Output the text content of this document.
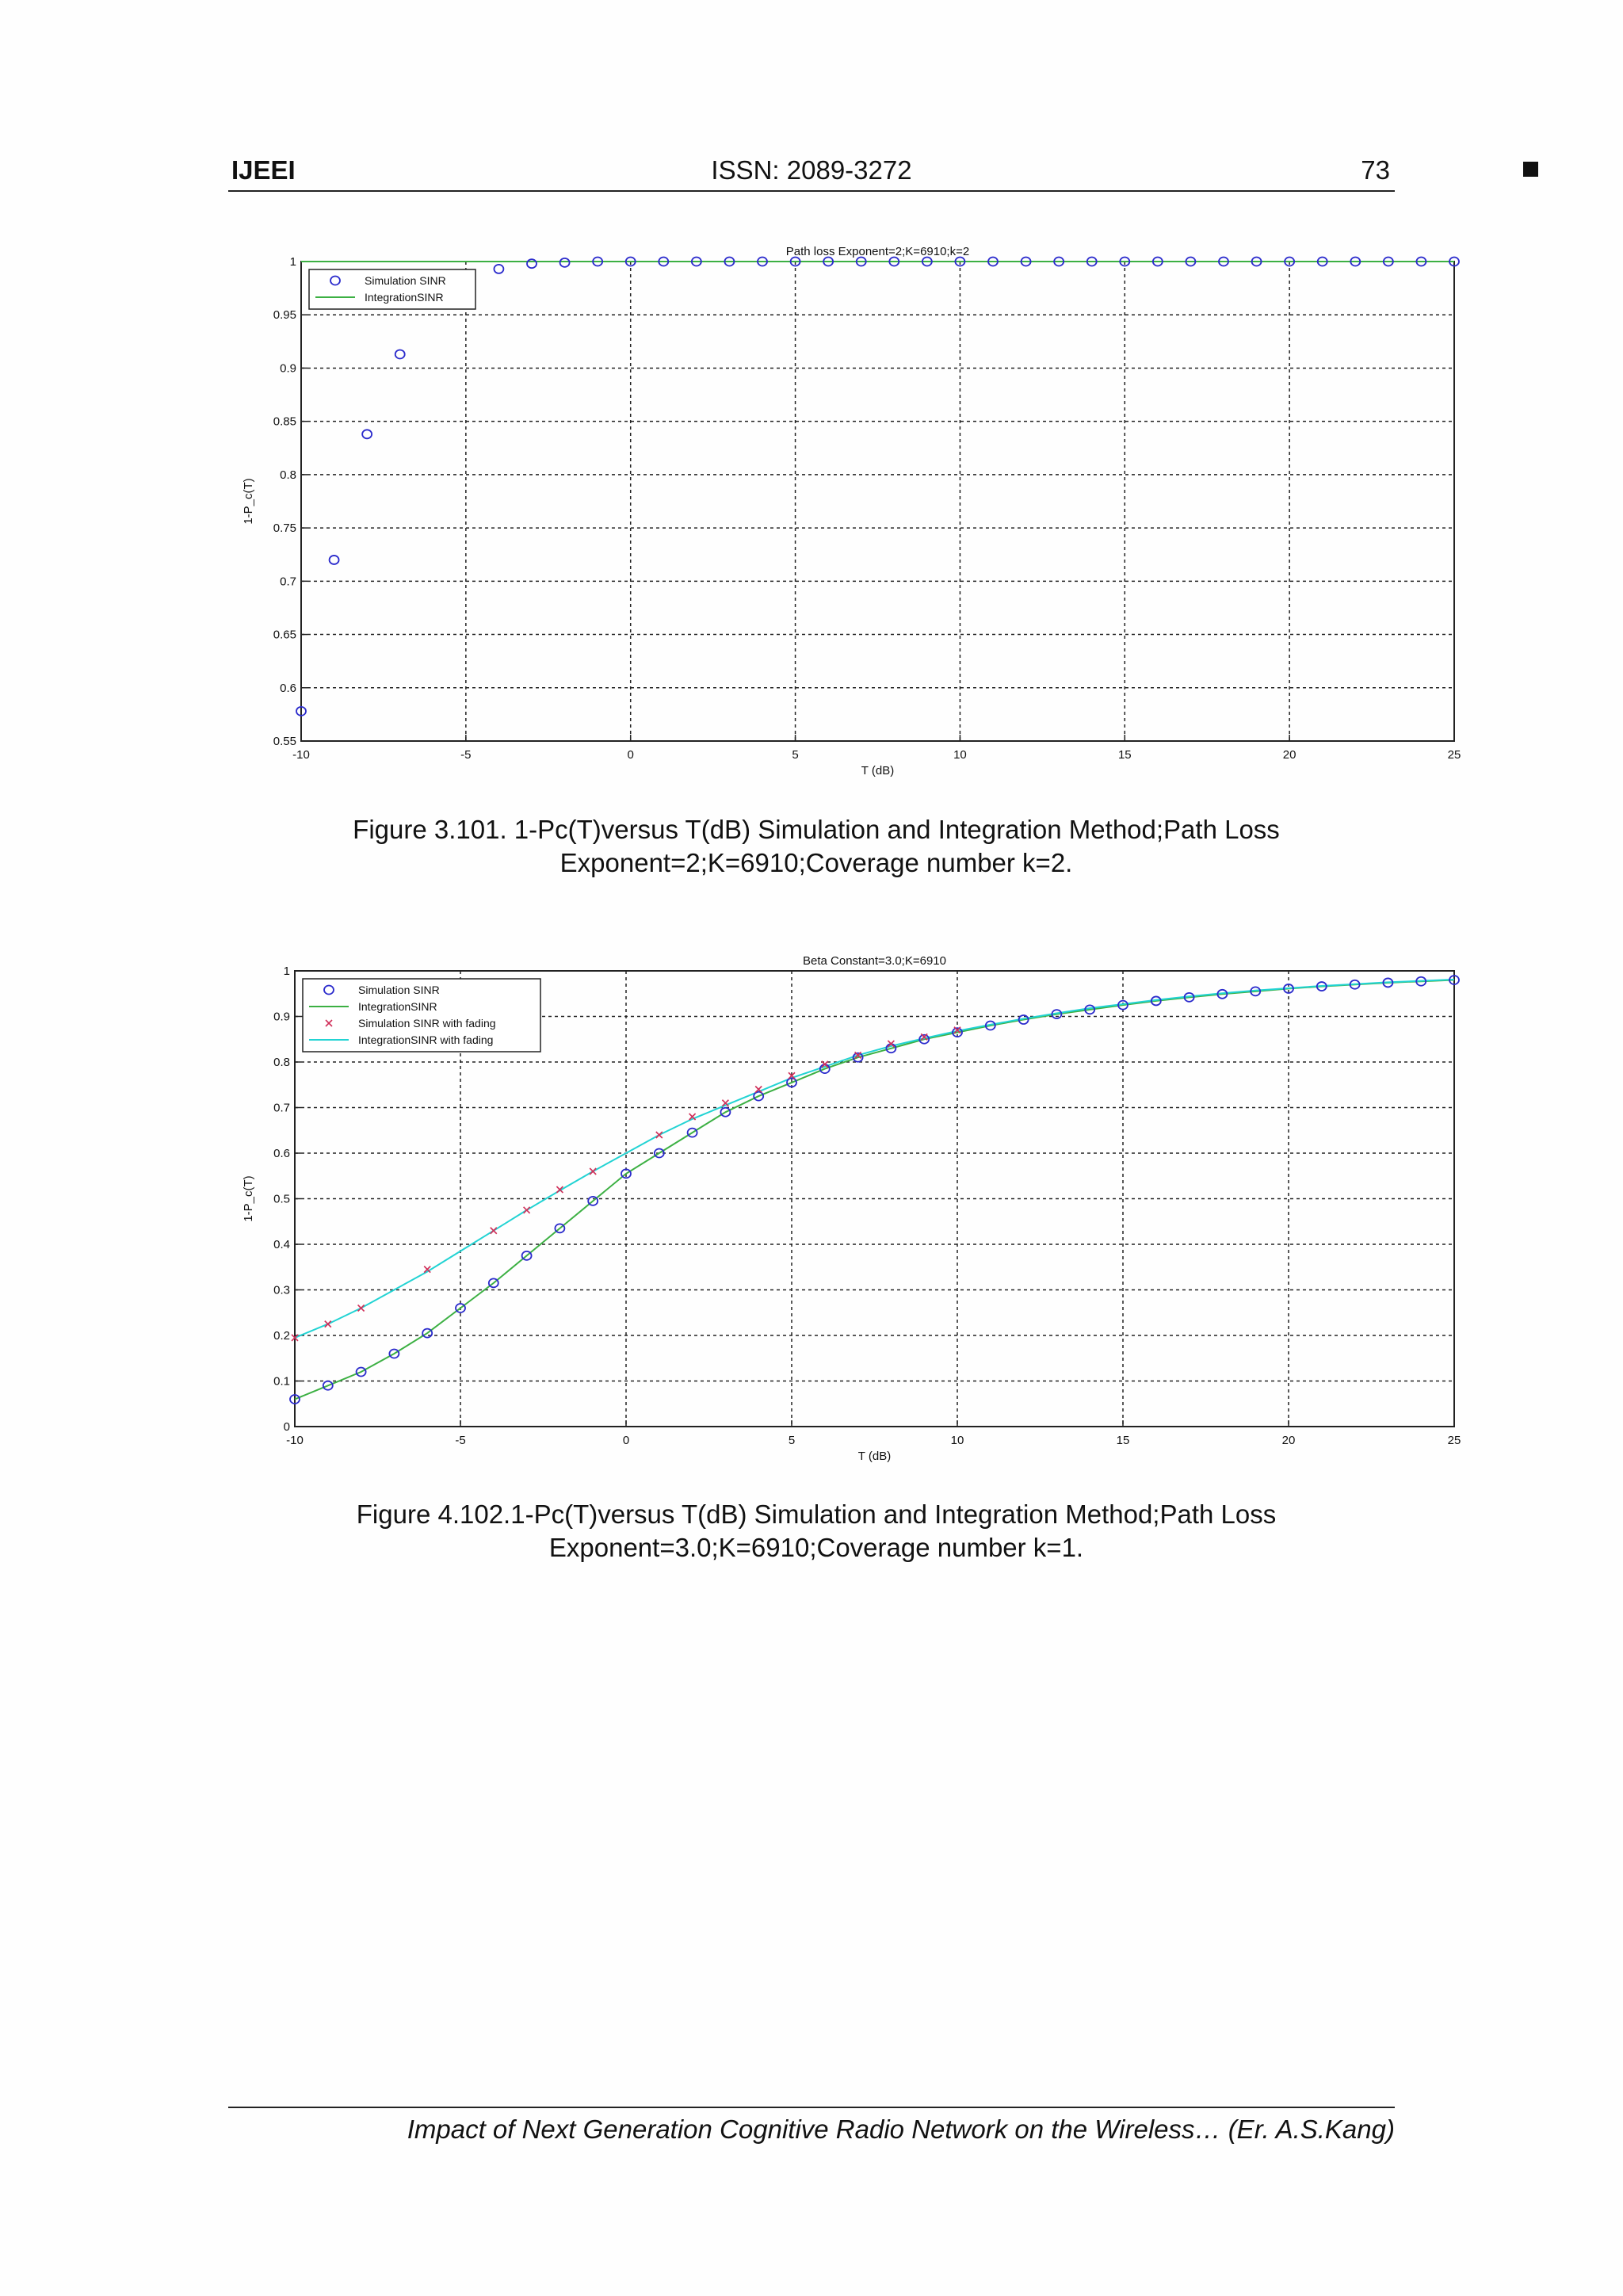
IJEEI	ISSN: 2089-3272	73
-10	-5	0	5	10	15	20	25
0.55
0.6
0.65
0.7
0.75
0.8
0.85
0.9
0.95
1
Path loss Exponent=2;K=6910;k=2
T (dB)
1-P_c(T)
Simulation SINR
IntegrationSINR
Figure 3.101. 1-Pc(T)versus T(dB) Simulation and Integration Method;Path Loss
Exponent=2;K=6910;Coverage number k=2.
-10	-5	0	5	10	15	20	25
0
0.1
0.2
0.3
0.4
0.5
0.6
0.7
0.8
0.9
1
Beta Constant=3.0;K=6910
T (dB)
1-P_c(T)
Simulation SINR
IntegrationSINR
Simulation SINR with fading
IntegrationSINR with fading
Figure 4.102.1-Pc(T)versus T(dB) Simulation and Integration Method;Path Loss
Exponent=3.0;K=6910;Coverage number k=1.
Impact of Next Generation Cognitive Radio Network on the Wireless… (Er. A.S.Kang)
